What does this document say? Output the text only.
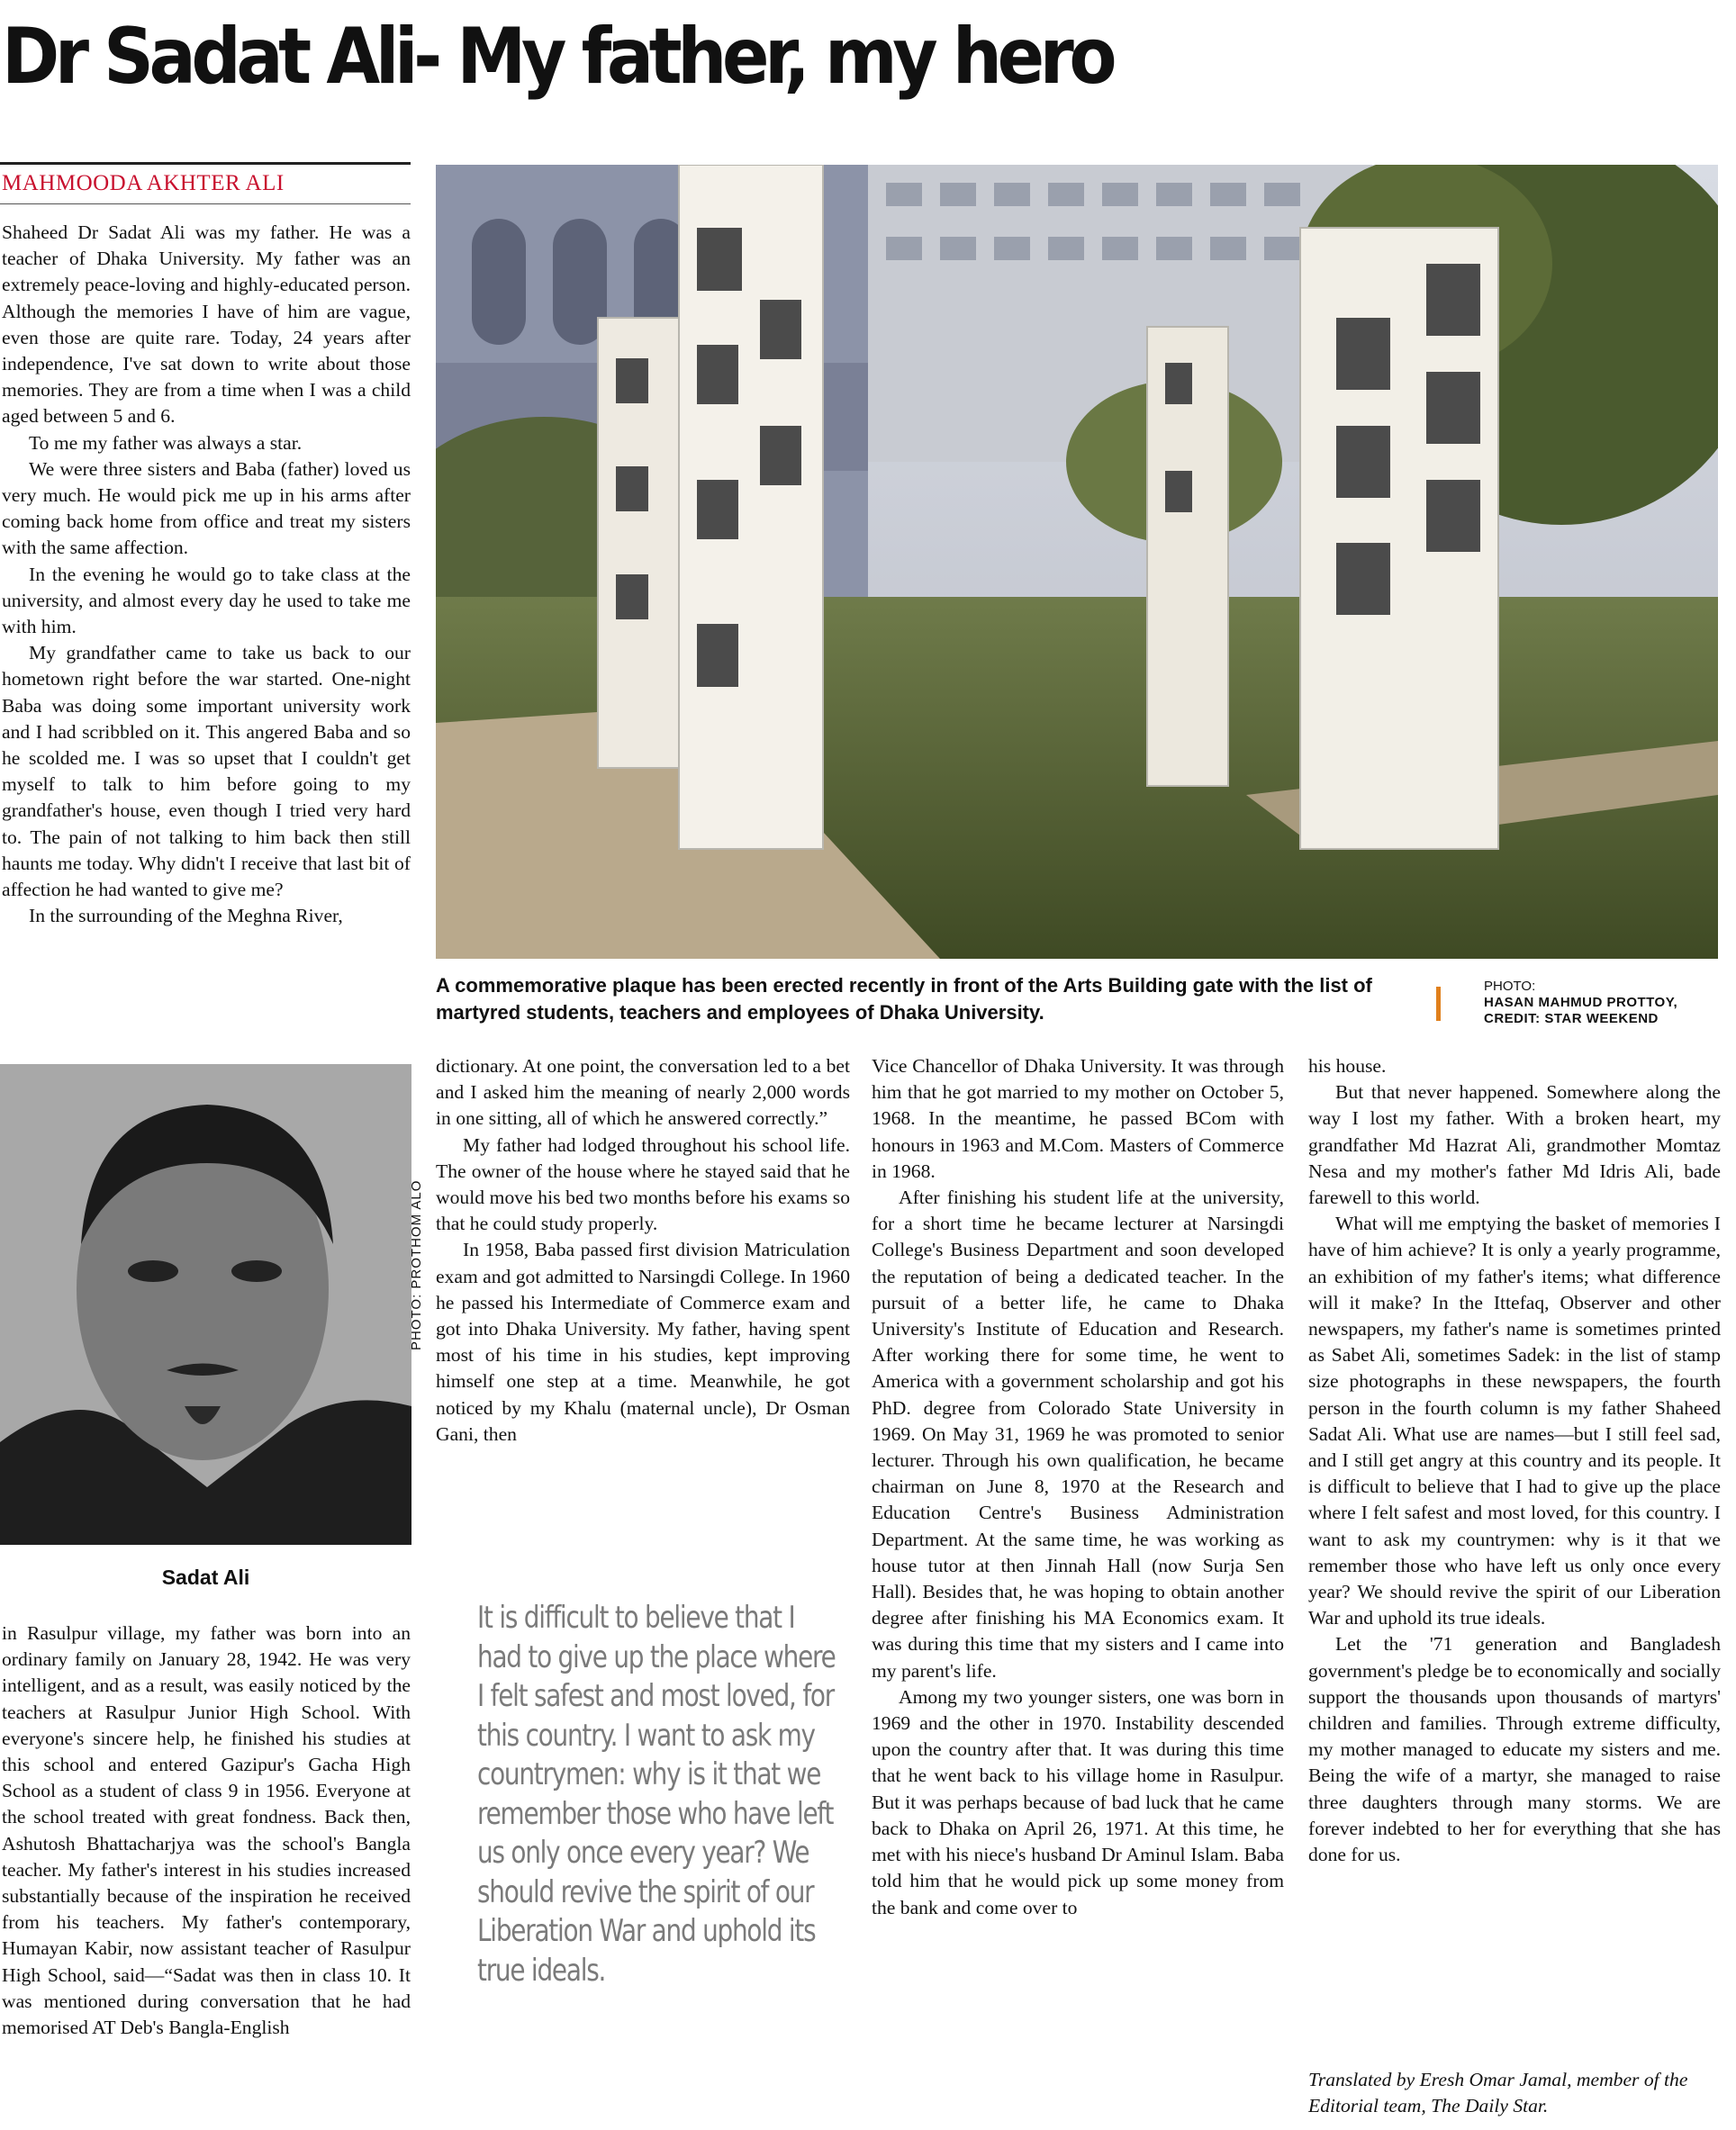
Dr Sadat Ali- My father, my hero
MAHMOODA AKHTER ALI

Shaheed Dr Sadat Ali was my father. He was a teacher of Dhaka University. My father was an extremely peace-loving and highly-educated person. Although the memories I have of him are vague, even those are quite rare. Today, 24 years after independence, I've sat down to write about those memories. They are from a time when I was a child aged between 5 and 6.

To me my father was always a star.

We were three sisters and Baba (father) loved us very much. He would pick me up in his arms after coming back home from office and treat my sisters with the same affection.

In the evening he would go to take class at the university, and almost every day he used to take me with him.

My grandfather came to take us back to our hometown right before the war started. One-night Baba was doing some important university work and I had scribbled on it. This angered Baba and so he scolded me. I was so upset that I couldn't get myself to talk to him before going to my grandfather's house, even though I tried very hard to. The pain of not talking to him back then still haunts me today. Why didn't I receive that last bit of affection he had wanted to give me?

In the surrounding of the Meghna River,

A commemorative plaque has been erected recently in front of the Arts Building gate with the list of martyred students, teachers and employees of Dhaka University.
PHOTO:
HASAN MAHMUD PROTTOY,
CREDIT: STAR WEEKEND
PHOTO: PROTHOM ALO
Sadat Ali

in Rasulpur village, my father was born into an ordinary family on January 28, 1942. He was very intelligent, and as a result, was easily noticed by the teachers at Rasulpur Junior High School. With everyone's sincere help, he finished his studies at this school and entered Gazipur's Gacha High School as a student of class 9 in 1956. Everyone at the school treated with great fondness. Back then, Ashutosh Bhattacharjya was the school's Bangla teacher. My father's interest in his studies increased substantially because of the inspiration he received from his teachers. My father's contemporary, Humayan Kabir, now assistant teacher of Rasulpur High School, said—“Sadat was then in class 10. It was mentioned during conversation that he had memorised AT Deb's Bangla-English

dictionary. At one point, the conversation led to a bet and I asked him the meaning of nearly 2,000 words in one sitting, all of which he answered correctly.”

My father had lodged throughout his school life. The owner of the house where he stayed said that he would move his bed two months before his exams so that he could study properly.

In 1958, Baba passed first division Matriculation exam and got admitted to Narsingdi College. In 1960 he passed his Intermediate of Commerce exam and got into Dhaka University. My father, having spent most of his time in his studies, kept improving himself one step at a time. Meanwhile, he got noticed by my Khalu (maternal uncle), Dr Osman Gani, then

It is difficult to believe that I had to give up the place where I felt safest and most loved, for this country. I want to ask my countrymen: why is it that we remember those who have left us only once every year? We should revive the spirit of our Liberation War and uphold its true ideals.

Vice Chancellor of Dhaka University. It was through him that he got married to my mother on October 5, 1968. In the meantime, he passed BCom with honours in 1963 and M.Com. Masters of Commerce in 1968.

After finishing his student life at the university, for a short time he became lecturer at Narsingdi College's Business Department and soon developed the reputation of being a dedicated teacher. In the pursuit of a better life, he came to Dhaka University's Institute of Education and Research. After working there for some time, he went to America with a government scholarship and got his PhD. degree from Colorado State University in 1969. On May 31, 1969 he was promoted to senior lecturer. Through his own qualification, he became chairman on June 8, 1970 at the Research and Education Centre's Business Administration Department. At the same time, he was working as house tutor at then Jinnah Hall (now Surja Sen Hall). Besides that, he was hoping to obtain another degree after finishing his MA Economics exam. It was during this time that my sisters and I came into my parent's life.

Among my two younger sisters, one was born in 1969 and the other in 1970. Instability descended upon the country after that. It was during this time that he went back to his village home in Rasulpur. But it was perhaps because of bad luck that he came back to Dhaka on April 26, 1971. At this time, he met with his niece's husband Dr Aminul Islam. Baba told him that he would pick up some money from the bank and come over to

his house.

But that never happened. Somewhere along the way I lost my father. With a broken heart, my grandfather Md Hazrat Ali, grandmother Momtaz Nesa and my mother's father Md Idris Ali, bade farewell to this world.

What will me emptying the basket of memories I have of him achieve? It is only a yearly programme, an exhibition of my father's items; what difference will it make? In the Ittefaq, Observer and other newspapers, my father's name is sometimes printed as Sabet Ali, sometimes Sadek: in the list of stamp size photographs in these newspapers, the fourth person in the fourth column is my father Shaheed Sadat Ali. What use are names—but I still feel sad, and I still get angry at this country and its people. It is difficult to believe that I had to give up the place where I felt safest and most loved, for this country. I want to ask my countrymen: why is it that we remember those who have left us only once every year? We should revive the spirit of our Liberation War and uphold its true ideals.

Let the '71 generation and Bangladesh government's pledge be to economically and socially support the thousands upon thousands of martyrs' children and families. Through extreme difficulty, my mother managed to educate my sisters and me. Being the wife of a martyr, she managed to raise three daughters through many storms. We are forever indebted to her for everything that she has done for us.

Translated by Eresh Omar Jamal, member of the Editorial team, The Daily Star.
